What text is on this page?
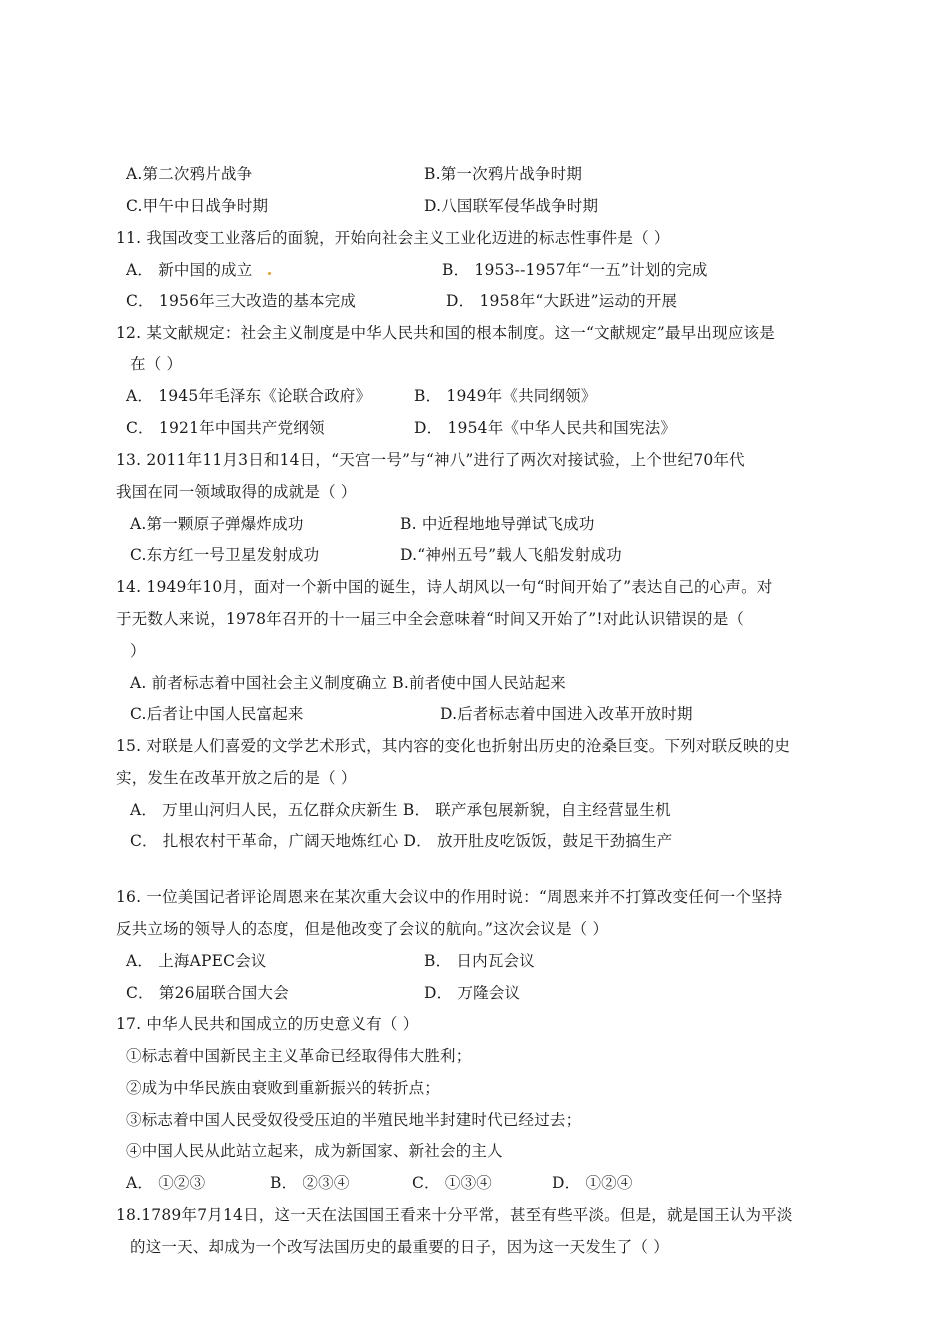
A.第二次鸦片战争	B.第一次鸦片战争时期
C.甲午中日战争时期	D.八国联军侵华战争时期
11. 我国改变工业落后的面貌，开始向社会主义工业化迈进的标志性事件是（ ）
A． 新中国的成立	B． 1953--1957年“一五”计划的完成
C． 1956年三大改造的基本完成	D． 1958年“大跃进”运动的开展
12. 某文献规定：社会主义制度是中华人民共和国的根本制度。这一“文献规定”最早出现应该是
在（ ）
A． 1945年毛泽东《论联合政府》	B． 1949年《共同纲领》
C． 1921年中国共产党纲领	D． 1954年《中华人民共和国宪法》
13. 2011年11月3日和14日，“天宫一号”与“神八”进行了两次对接试验，上个世纪70年代
我国在同一领域取得的成就是（ ）
A.第一颗原子弹爆炸成功	B. 中近程地地导弹试飞成功
C.东方红一号卫星发射成功	D.“神州五号”载人飞船发射成功
14. 1949年10月，面对一个新中国的诞生，诗人胡风以一句“时间开始了”表达自己的心声。对
于无数人来说，1978年召开的十一届三中全会意味着“时间又开始了”!对此认识错误的是（
）
A. 前者标志着中国社会主义制度确立 B.前者使中国人民站起来
C.后者让中国人民富起来	D.后者标志着中国进入改革开放时期
15. 对联是人们喜爱的文学艺术形式，其内容的变化也折射出历史的沧桑巨变。下列对联反映的史
实，发生在改革开放之后的是（ ）
A． 万里山河归人民，五亿群众庆新生 B． 联产承包展新貌，自主经营显生机
C． 扎根农村干革命，广阔天地炼红心 D． 放开肚皮吃饭饭，鼓足干劲搞生产
16. 一位美国记者评论周恩来在某次重大会议中的作用时说：“周恩来并不打算改变任何一个坚持
反共立场的领导人的态度，但是他改变了会议的航向。”这次会议是（ ）
A． 上海APEC会议	B． 日内瓦会议
C． 第26届联合国大会	D． 万隆会议
17. 中华人民共和国成立的历史意义有（ ）
①标志着中国新民主主义革命已经取得伟大胜利；
②成为中华民族由衰败到重新振兴的转折点；
③标志着中国人民受奴役受压迫的半殖民地半封建时代已经过去；
④中国人民从此站立起来，成为新国家、新社会的主人
A． ①②③	B． ②③④	C． ①③④	D． ①②④
18.1789年7月14日，这一天在法国国王看来十分平常，甚至有些平淡。但是，就是国王认为平淡
的这一天、却成为一个改写法国历史的最重要的日子，因为这一天发生了（ ）
